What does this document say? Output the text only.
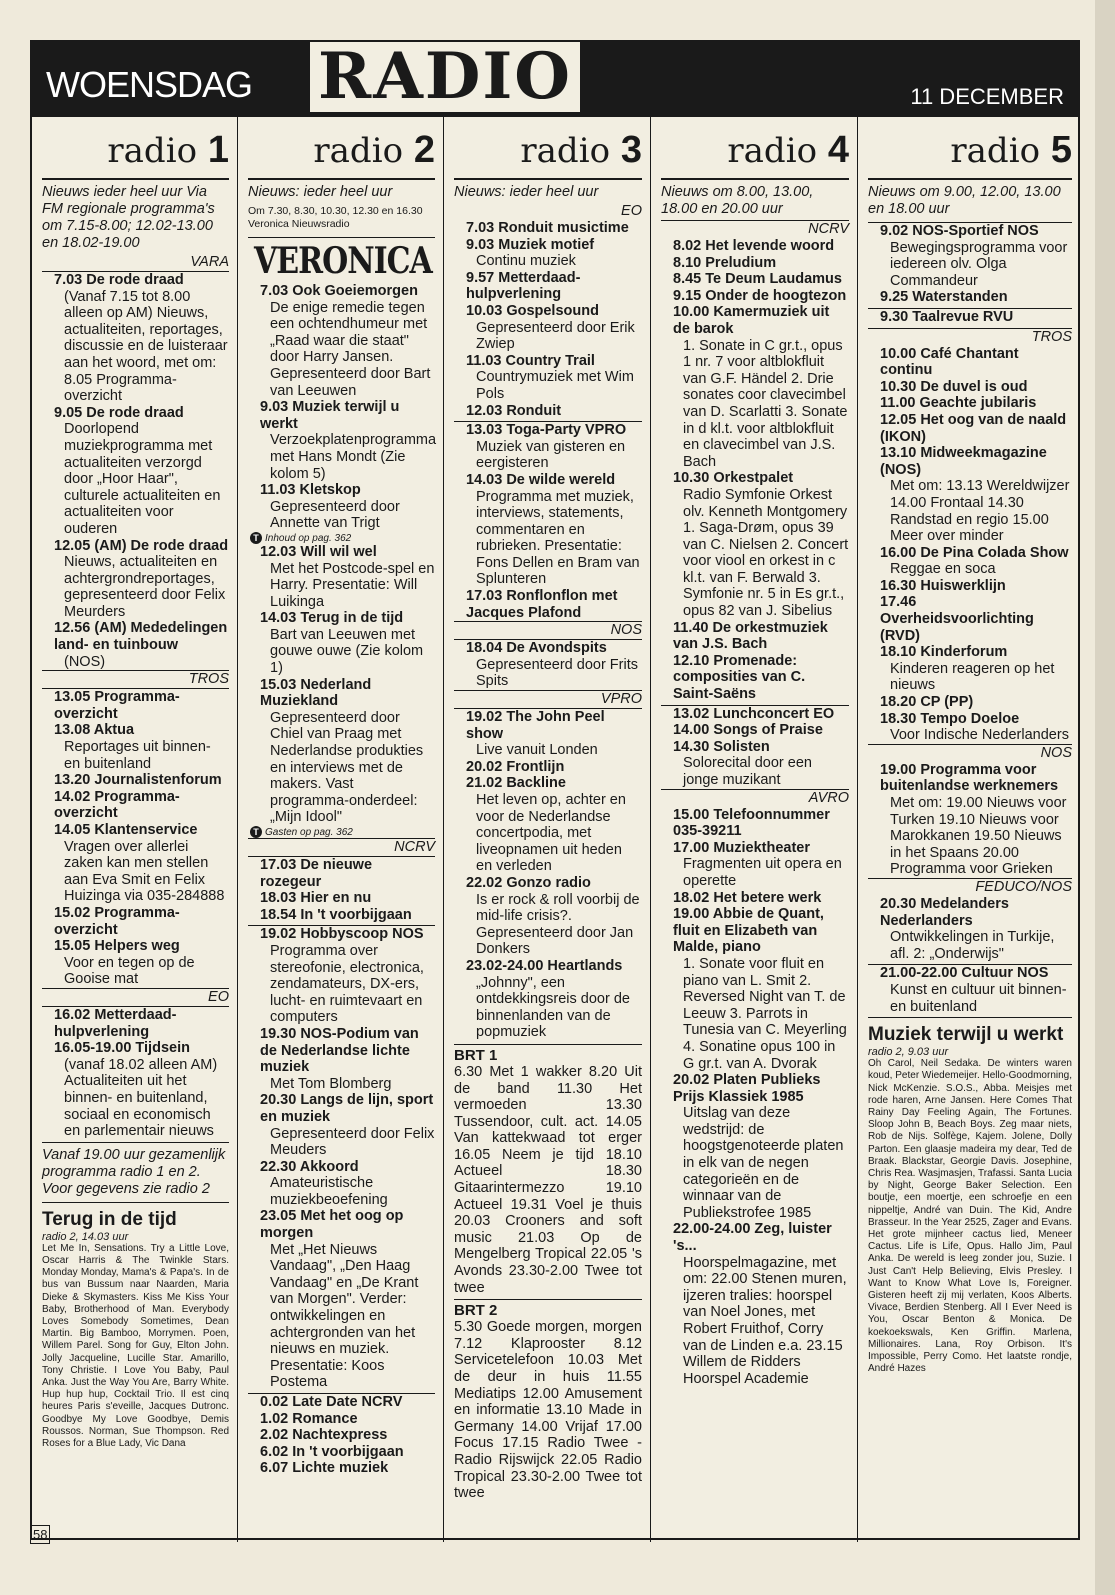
WOENSDAG RADIO	11 DECEMBER
radio 1
Nieuws ieder heel uur Via FM regionale programma's om 7.15-8.00; 12.02-13.00 en 18.02-19.00
VARA
7.03 De rode draad
(Vanaf 7.15 tot 8.00 alleen op AM) Nieuws, actualiteiten, reportages, discussie en de luisteraar aan het woord, met om: 8.05 Programma-overzicht
9.05 De rode draad
Doorlopend muziekprogramma met actualiteiten verzorgd door „Hoor Haar", culturele actualiteiten en actualiteiten voor ouderen
12.05 (AM) De rode draad
Nieuws, actualiteiten en achtergrondreportages, gepresenteerd door Felix Meurders
12.56 (AM) Mededelingen land- en tuinbouw
(NOS)
TROS
13.05 Programma-overzicht
13.08 Aktua
Reportages uit binnen- en buitenland
13.20 Journalistenforum
14.02 Programma-overzicht
14.05 Klantenservice
Vragen over allerlei zaken kan men stellen aan Eva Smit en Felix Huizinga via 035-284888
15.02 Programma-overzicht
15.05 Helpers weg
Voor en tegen op de Gooise mat
EO
16.02 Metterdaad-hulpverlening
16.05-19.00 Tijdsein
(vanaf 18.02 alleen AM) Actualiteiten uit het binnen- en buitenland, sociaal en economisch en parlementair nieuws
Vanaf 19.00 uur gezamenlijk programma radio 1 en 2. Voor gegevens zie radio 2
Terug in de tijd
radio 2, 14.03 uur
Let Me In, Sensations. Try a Little Love, Oscar Harris & The Twinkle Stars. Monday Monday, Mama's & Papa's. In de bus van Bussum naar Naarden, Maria Dieke & Skymasters. Kiss Me Kiss Your Baby, Brotherhood of Man. Everybody Loves Somebody Sometimes, Dean Martin. Big Bamboo, Morrymen. Poen, Willem Parel. Song for Guy, Elton John. Jolly Jacqueline, Lucille Star. Amarillo, Tony Christie. I Love You Baby, Paul Anka. Just the Way You Are, Barry White. Hup hup hup, Cocktail Trio. Il est cinq heures Paris s'eveille, Jacques Dutronc. Goodbye My Love Goodbye, Demis Roussos. Norman, Sue Thompson. Red Roses for a Blue Lady, Vic Dana
radio 2
Nieuws: ieder heel uur
Om 7.30, 8.30, 10.30, 12.30 en 16.30 Veronica Nieuwsradio
VERONICA
7.03 Ook Goeiemorgen
De enige remedie tegen een ochtendhumeur met „Raad waar die staat" door Harry Jansen. Gepresenteerd door Bart van Leeuwen
9.03 Muziek terwijl u werkt
Verzoekplatenprogramma met Hans Mondt (Zie kolom 5)
11.03 Kletskop
Gepresenteerd door Annette van Trigt
T Inhoud op pag. 362
12.03 Will wil wel
Met het Postcode-spel en Harry. Presentatie: Will Luikinga
14.03 Terug in de tijd
Bart van Leeuwen met gouwe ouwe (Zie kolom 1)
15.03 Nederland Muziekland
Gepresenteerd door Chiel van Praag met Nederlandse produkties en interviews met de makers. Vast programma-onderdeel: „Mijn Idool"
T Gasten op pag. 362
NCRV
17.03 De nieuwe rozegeur
18.03 Hier en nu
18.54 In 't voorbijgaan
19.02 Hobbyscoop NOS
Programma over stereofonie, electronica, zendamateurs, DX-ers, lucht- en ruimtevaart en computers
19.30 NOS-Podium van de Nederlandse lichte muziek
Met Tom Blomberg
20.30 Langs de lijn, sport en muziek
Gepresenteerd door Felix Meuders
22.30 Akkoord
Amateuristische muziekbeoefening
23.05 Met het oog op morgen
Met „Het Nieuws Vandaag", „Den Haag Vandaag" en „De Krant van Morgen". Verder: ontwikkelingen en achtergronden van het nieuws en muziek. Presentatie: Koos Postema
0.02 Late Date NCRV
1.02 Romance
2.02 Nachtexpress
6.02 In 't voorbijgaan
6.07 Lichte muziek
radio 3
Nieuws: ieder heel uur
EO
7.03 Ronduit musictime
9.03 Muziek motief
Continu muziek
9.57 Metterdaad-hulpverlening
10.03 Gospelsound
Gepresenteerd door Erik Zwiep
11.03 Country Trail
Countrymuziek met Wim Pols
12.03 Ronduit
13.03 Toga-Party VPRO
Muziek van gisteren en eergisteren
14.03 De wilde wereld
Programma met muziek, interviews, statements, commentaren en rubrieken. Presentatie: Fons Dellen en Bram van Splunteren
17.03 Ronflonflon met Jacques Plafond
NOS
18.04 De Avondspits
Gepresenteerd door Frits Spits
VPRO
19.02 The John Peel show
Live vanuit Londen
20.02 Frontlijn
21.02 Backline
Het leven op, achter en voor de Nederlandse concertpodia, met liveopnamen uit heden en verleden
22.02 Gonzo radio
Is er rock & roll voorbij de mid-life crisis?. Gepresenteerd door Jan Donkers
23.02-24.00 Heartlands
„Johnny", een ontdekkingsreis door de binnenlanden van de popmuziek
BRT 1
6.30 Met 1 wakker 8.20 Uit de band 11.30 Het vermoeden 13.30 Tussendoor, cult. act. 14.05 Van kattekwaad tot erger 16.05 Neem je tijd 18.10 Actueel 18.30 Gitaarintermezzo 19.10 Actueel 19.31 Voel je thuis 20.03 Crooners and soft music 21.03 Op de Mengelberg Tropical 22.05 's Avonds 23.30-2.00 Twee tot twee
BRT 2
5.30 Goede morgen, morgen 7.12 Klaprooster 8.12 Servicetelefoon 10.03 Met de deur in huis 11.55 Mediatips 12.00 Amusement en informatie 13.10 Made in Germany 14.00 Vrijaf 17.00 Focus 17.15 Radio Twee - Radio Rijswijck 22.05 Radio Tropical 23.30-2.00 Twee tot twee
radio 4
Nieuws om 8.00, 13.00, 18.00 en 20.00 uur
NCRV
8.02 Het levende woord
8.10 Preludium
8.45 Te Deum Laudamus
9.15 Onder de hoogtezon
10.00 Kamermuziek uit de barok
1. Sonate in C gr.t., opus 1 nr. 7 voor altblokfluit van G.F. Händel 2. Drie sonates coor clavecimbel van D. Scarlatti 3. Sonate in d kl.t. voor altblokfluit en clavecimbel van J.S. Bach
10.30 Orkestpalet
Radio Symfonie Orkest olv. Kenneth Montgomery 1. Saga-Drøm, opus 39 van C. Nielsen 2. Concert voor viool en orkest in c kl.t. van F. Berwald 3. Symfonie nr. 5 in Es gr.t., opus 82 van J. Sibelius
11.40 De orkestmuziek van J.S. Bach
12.10 Promenade: composities van C. Saint-Saëns
13.02 Lunchconcert EO
14.00 Songs of Praise
14.30 Solisten
Solorecital door een jonge muzikant
AVRO
15.00 Telefoonnummer 035-39211
17.00 Muziektheater
Fragmenten uit opera en operette
18.02 Het betere werk
19.00 Abbie de Quant, fluit en Elizabeth van Malde, piano
1. Sonate voor fluit en piano van L. Smit 2. Reversed Night van T. de Leeuw 3. Parrots in Tunesia van C. Meyerling 4. Sonatine opus 100 in G gr.t. van A. Dvorak
20.02 Platen Publieks Prijs Klassiek 1985
Uitslag van deze wedstrijd: de hoogstgenoteerde platen in elk van de negen categorieën en de winnaar van de Publiekstrofee 1985
22.00-24.00 Zeg, luister 's...
Hoorspelmagazine, met om: 22.00 Stenen muren, ijzeren tralies: hoorspel van Noel Jones, met Robert Fruithof, Corry van de Linden e.a. 23.15 Willem de Ridders Hoorspel Academie
radio 5
Nieuws om 9.00, 12.00, 13.00 en 18.00 uur
9.02 NOS-Sportief NOS
Bewegingsprogramma voor iedereen olv. Olga Commandeur
9.25 Waterstanden
9.30 Taalrevue RVU
TROS
10.00 Café Chantant continu
10.30 De duvel is oud
11.00 Geachte jubilaris
12.05 Het oog van de naald (IKON)
13.10 Midweekmagazine (NOS)
Met om: 13.13 Wereldwijzer 14.00 Frontaal 14.30 Randstad en regio 15.00 Meer over minder
16.00 De Pina Colada Show
Reggae en soca
16.30 Huiswerklijn
17.46 Overheidsvoorlichting (RVD)
18.10 Kinderforum
Kinderen reageren op het nieuws
18.20 CP (PP)
18.30 Tempo Doeloe
Voor Indische Nederlanders
NOS
19.00 Programma voor buitenlandse werknemers
Met om: 19.00 Nieuws voor Turken 19.10 Nieuws voor Marokkanen 19.50 Nieuws in het Spaans 20.00 Programma voor Grieken
FEDUCO/NOS
20.30 Medelanders Nederlanders
Ontwikkelingen in Turkije, afl. 2: „Onderwijs"
21.00-22.00 Cultuur NOS
Kunst en cultuur uit binnen- en buitenland
Muziek terwijl u werkt
radio 2, 9.03 uur
Oh Carol, Neil Sedaka. De winters waren koud, Peter Wiedemeijer. Hello-Goodmorning, Nick McKenzie. S.O.S., Abba. Meisjes met rode haren, Arne Jansen. Here Comes That Rainy Day Feeling Again, The Fortunes. Sloop John B, Beach Boys. Zeg maar niets, Rob de Nijs. Solfège, Kajem. Jolene, Dolly Parton. Een glaasje madeira my dear, Ted de Braak. Blackstar, Georgie Davis. Josephine, Chris Rea. Wasjmasjen, Trafassi. Santa Lucia by Night, George Baker Selection. Een boutje, een moertje, een schroefje en een nippeltje, André van Duin. The Kid, Andre Brasseur. In the Year 2525, Zager and Evans. Het grote mijnheer cactus lied, Meneer Cactus. Life is Life, Opus. Hallo Jim, Paul Anka. De wereld is leeg zonder jou, Suzie. I Just Can't Help Believing, Elvis Presley. I Want to Know What Love Is, Foreigner. Gisteren heeft zij mij verlaten, Koos Alberts. Vivace, Berdien Stenberg. All I Ever Need is You, Oscar Benton & Monica. De koekoekswals, Ken Griffin. Marlena, Millionaires. Lana, Roy Orbison. It's Impossible, Perry Como. Het laatste rondje, André Hazes
58
